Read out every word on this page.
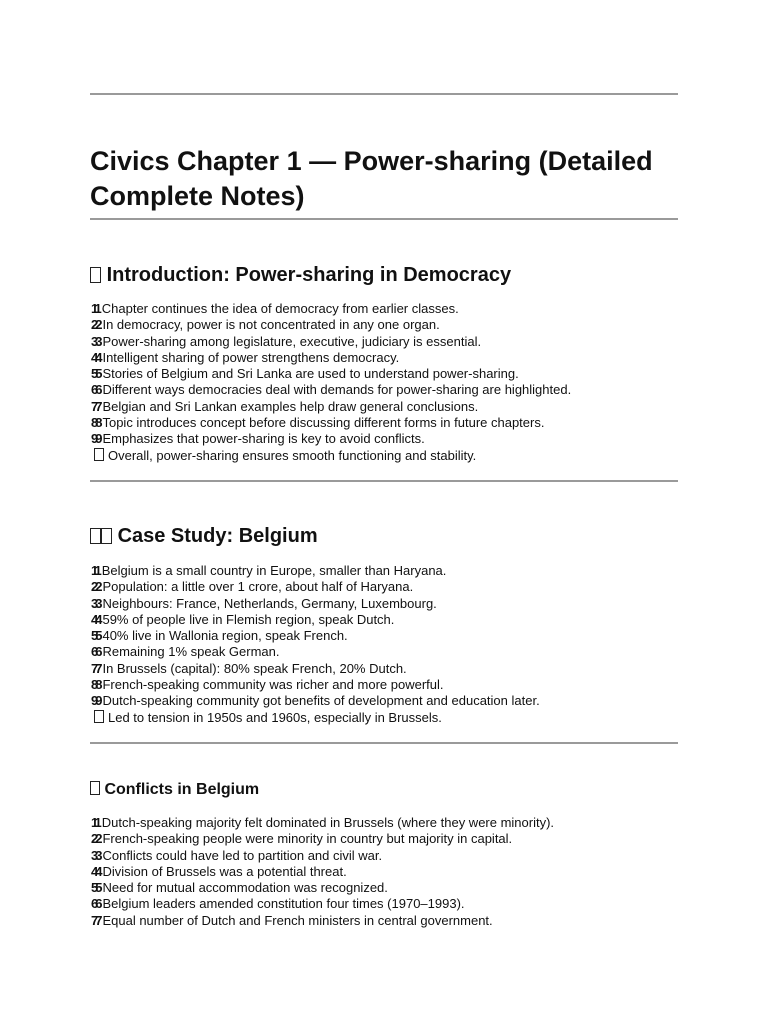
Civics Chapter 1 — Power-sharing (Detailed Complete Notes)
Introduction: Power-sharing in Democracy
11 Chapter continues the idea of democracy from earlier classes.
22 In democracy, power is not concentrated in any one organ.
33 Power-sharing among legislature, executive, judiciary is essential.
44 Intelligent sharing of power strengthens democracy.
55 Stories of Belgium and Sri Lanka are used to understand power-sharing.
66 Different ways democracies deal with demands for power-sharing are highlighted.
77 Belgian and Sri Lankan examples help draw general conclusions.
88 Topic introduces concept before discussing different forms in future chapters.
99 Emphasizes that power-sharing is key to avoid conflicts.
Overall, power-sharing ensures smooth functioning and stability.
Case Study: Belgium
11 Belgium is a small country in Europe, smaller than Haryana.
22 Population: a little over 1 crore, about half of Haryana.
33 Neighbours: France, Netherlands, Germany, Luxembourg.
44 59% of people live in Flemish region, speak Dutch.
55 40% live in Wallonia region, speak French.
66 Remaining 1% speak German.
77 In Brussels (capital): 80% speak French, 20% Dutch.
88 French-speaking community was richer and more powerful.
99 Dutch-speaking community got benefits of development and education later.
Led to tension in 1950s and 1960s, especially in Brussels.
Conflicts in Belgium
11 Dutch-speaking majority felt dominated in Brussels (where they were minority).
22 French-speaking people were minority in country but majority in capital.
33 Conflicts could have led to partition and civil war.
44 Division of Brussels was a potential threat.
55 Need for mutual accommodation was recognized.
66 Belgium leaders amended constitution four times (1970–1993).
77 Equal number of Dutch and French ministers in central government.
